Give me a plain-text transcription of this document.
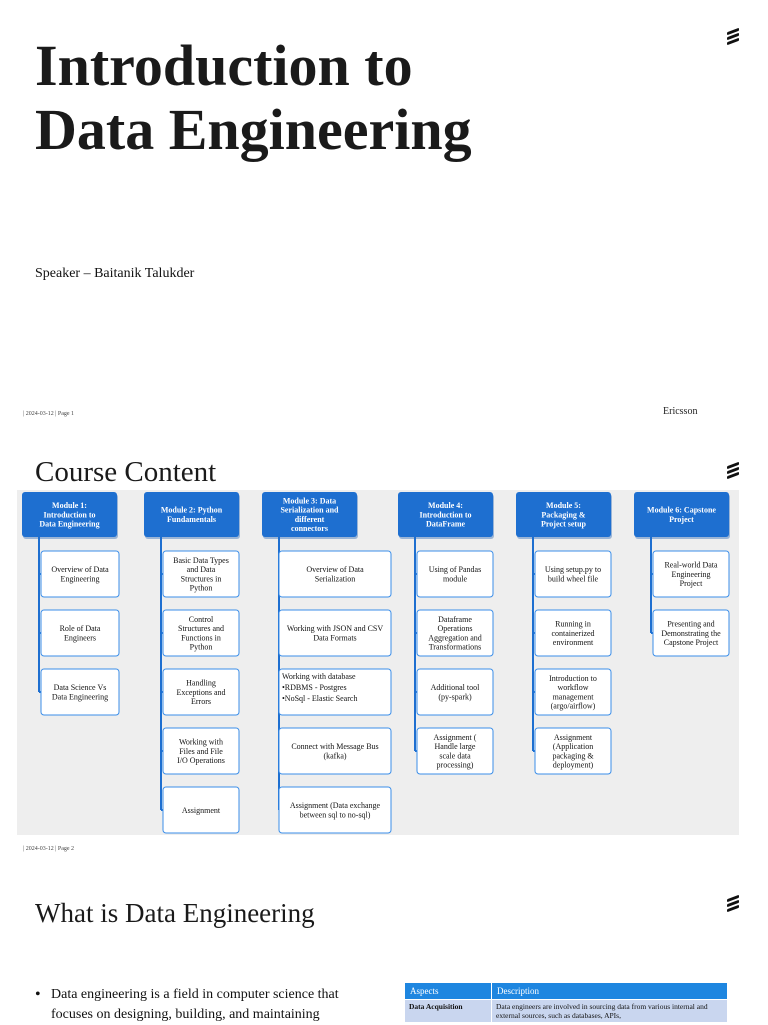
Introduction to
Data Engineering
Speaker – Baitanik Talukder
| 2024-03-12 | Page 1	Ericsson
Course Content
Module 1: Introduction to Data Engineering
Overview of Data Engineering
Role of Data Engineers
Data Science Vs Data Engineering
Module 2: Python Fundamentals
Basic Data Types and Data Structures in Python
Control Structures and Functions in Python
Handling Exceptions and Errors
Working with Files and File I/O Operations
Assignment
Module 3: Data Serialization and different connectors
Overview of Data Serialization
Working with JSON and CSV Data Formats
Working with database •RDBMS - Postgres •NoSql - Elastic Search
Connect with Message Bus (kafka)
Assignment (Data exchange between sql to no-sql)
Module 4: Introduction to DataFrame
Using of Pandas module
Dataframe Operations Aggregation and Transformations
Additional tool (py-spark)
Assignment ( Handle large scale data processing)
Module 5: Packaging & Project setup
Using setup.py to build wheel file
Running in containerized environment
Introduction to workflow management (argo/airflow)
Assignment (Application packaging & deployment)
Module 6: Capstone Project
Real-world Data Engineering Project
Presenting and Demonstrating the Capstone Project
| 2024-03-12 | Page 2
What is Data Engineering
• Data engineering is a field in computer science that focuses on designing, building, and maintaining
Aspects	Description
Data Acquisition	Data engineers are involved in sourcing data from various internal and external sources, such as databases, APIs,
